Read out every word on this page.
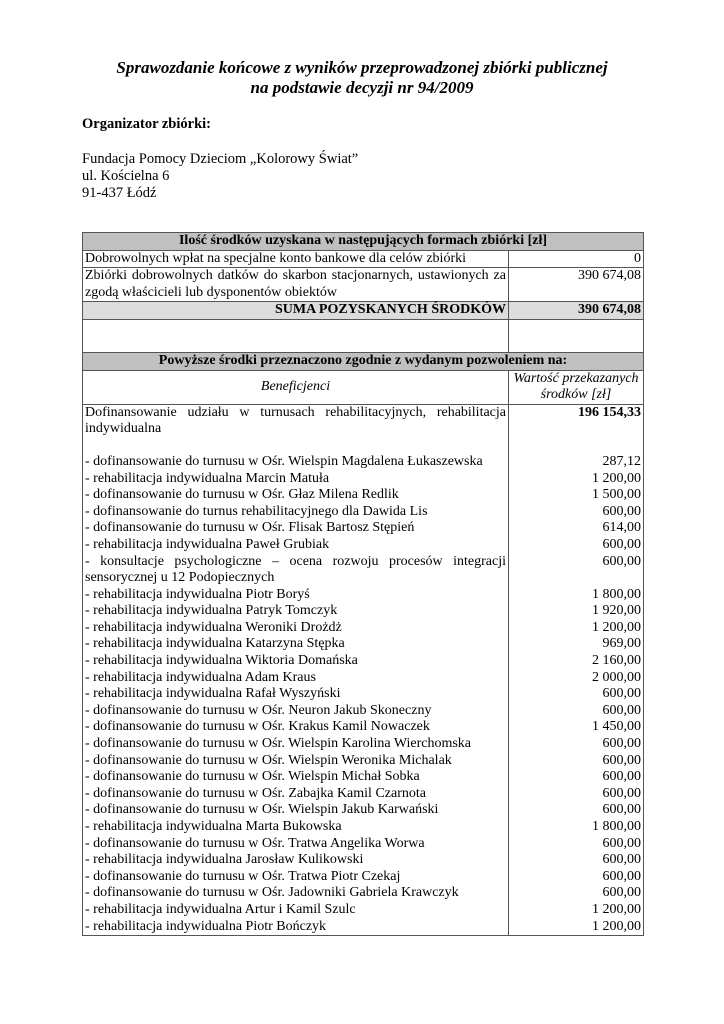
Sprawozdanie końcowe z wyników przeprowadzonej zbiórki publicznej
na podstawie decyzji nr 94/2009
Organizator zbiórki:
Fundacja Pomocy Dzieciom „Kolorowy Świat”
ul. Kościelna 6
91-437 Łódź
Ilość środków uzyskana w następujących formach zbiórki [zł]	
Dobrowolnych wpłat na specjalne konto bankowe dla celów zbiórki	0
Zbiórki dobrowolnych datków do skarbon stacjonarnych, ustawionych za zgodą właścicieli lub dysponentów obiektów	390 674,08
SUMA POZYSKANYCH ŚRODKÓW	390 674,08

Powyższe środki przeznaczono zgodnie z wydanym pozwoleniem na:	
Beneficjenci	Wartość przekazanych środków [zł]
Dofinansowanie udziału w turnusach rehabilitacyjnych, rehabilitacja indywidualna	196 154,33

- dofinansowanie do turnusu w Ośr. Wielspin Magdalena Łukaszewska	287,12
- rehabilitacja indywidualna Marcin Matuła	1 200,00
- dofinansowanie do turnusu w Ośr. Głaz Milena Redlik	1 500,00
- dofinansowanie do turnus rehabilitacyjnego dla Dawida Lis	600,00
- dofinansowanie do turnusu w Ośr. Flisak Bartosz Stępień	614,00
- rehabilitacja indywidualna Paweł Grubiak	600,00
- konsultacje psychologiczne – ocena rozwoju procesów integracji sensorycznej u 12 Podopiecznych	600,00
- rehabilitacja indywidualna Piotr Boryś	1 800,00
- rehabilitacja indywidualna Patryk Tomczyk	1 920,00
- rehabilitacja indywidualna Weroniki Drożdż	1 200,00
- rehabilitacja indywidualna Katarzyna Stępka	969,00
- rehabilitacja indywidualna Wiktoria Domańska	2 160,00
- rehabilitacja indywidualna Adam Kraus	2 000,00
- rehabilitacja indywidualna Rafał Wyszyński	600,00
- dofinansowanie do turnusu w Ośr. Neuron Jakub Skoneczny	600,00
- dofinansowanie do turnusu w Ośr. Krakus Kamil Nowaczek	1 450,00
- dofinansowanie do turnusu w Ośr. Wielspin Karolina Wierchomska	600,00
- dofinansowanie do turnusu w Ośr. Wielspin Weronika Michalak	600,00
- dofinansowanie do turnusu w Ośr. Wielspin Michał Sobka	600,00
- dofinansowanie do turnusu w Ośr. Zabajka Kamil Czarnota	600,00
- dofinansowanie do turnusu w Ośr. Wielspin Jakub Karwański	600,00
- rehabilitacja indywidualna Marta Bukowska	1 800,00
- dofinansowanie do turnusu w Ośr. Tratwa Angelika Worwa	600,00
- rehabilitacja indywidualna Jarosław Kulikowski	600,00
- dofinansowanie do turnusu w Ośr. Tratwa Piotr Czekaj	600,00
- dofinansowanie do turnusu w Ośr. Jadowniki Gabriela Krawczyk	600,00
- rehabilitacja indywidualna Artur i Kamil Szulc	1 200,00
- rehabilitacja indywidualna Piotr Bończyk	1 200,00
